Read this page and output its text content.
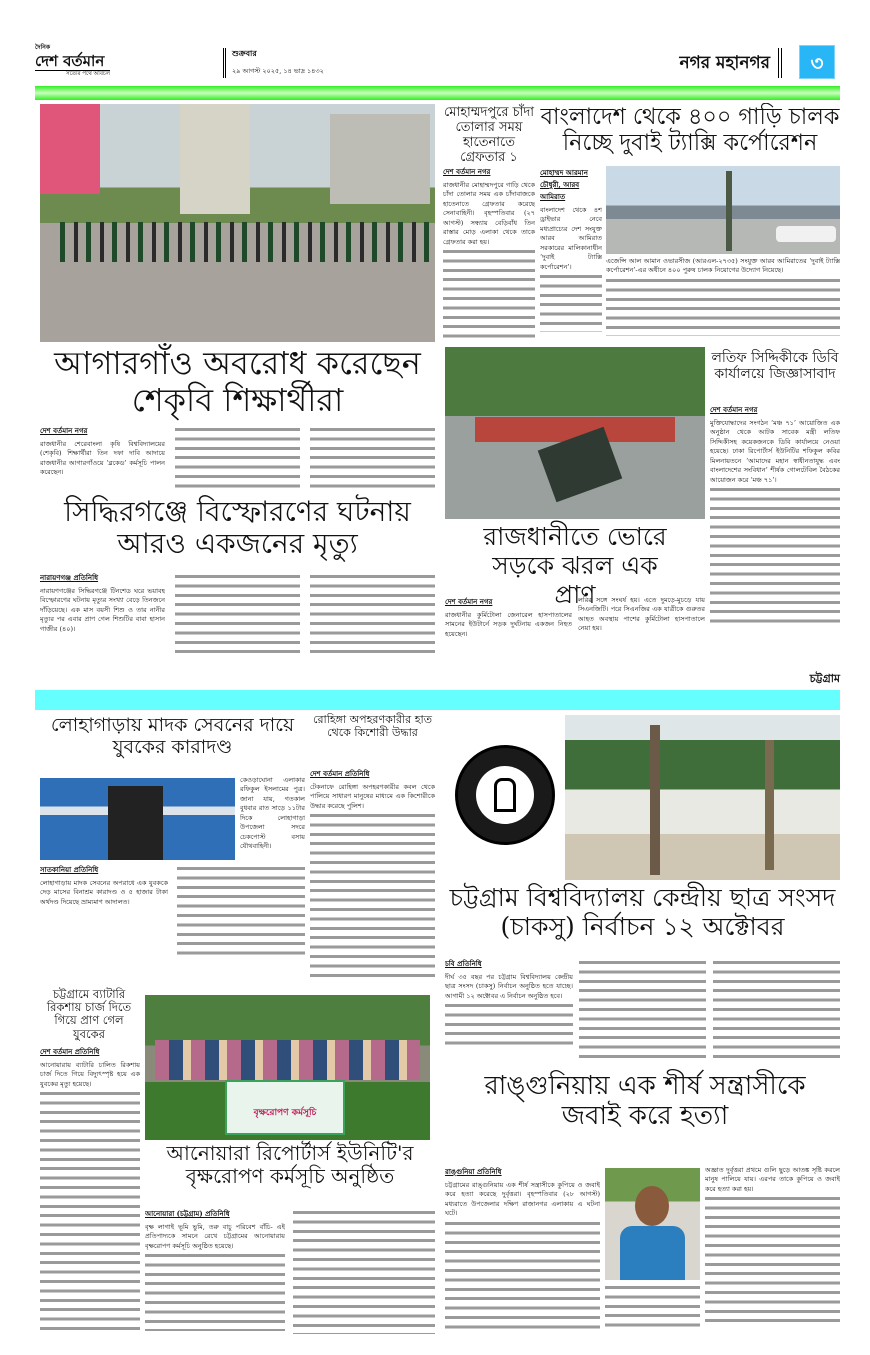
দৈনিক
দেশ বর্তমান
সত্যের পথে অবিচল
শুক্রবার
২৯ আগস্ট ২০২৫, ১৪ ভাদ্র ১৪৩২	নগর মহানগর	৩
আগারগাঁও অবরোধ করেছেন শেকৃবি শিক্ষার্থীরা
দেশ বর্তমান নগর
রাজধানীর শেরেবাংলা কৃষি বিশ্ববিদ্যালয়ের (শেকৃবি) শিক্ষার্থীরা তিন দফা দাবি আদায়ে রাজধানীর আগারগাঁওয়ে ‘ব্লকেড’ কর্মসূচি পালন করেছেন।
মোহাম্মদপুরে চাঁদা তোলার সময় হাতেনাতে গ্রেফতার ১
দেশ বর্তমান নগর
রাজধানীর মোহাম্মদপুরে গাড়ি থেকে চাঁদা তোলার সময় এক চাঁদাবাজকে হাতেনাতে গ্রেফতার করেছে সেনাবাহিনী। বৃহস্পতিবার (২৭ আগস্ট) সন্ধ্যায় বেড়িবাঁধ তিন রাস্তার মোড় এলাকা থেকে তাকে গ্রেফতার করা হয়।
বাংলাদেশ থেকে ৪০০ গাড়ি চালক নিচ্ছে দুবাই ট্যাক্সি কর্পোরেশন
মোহাম্মদ আরমান চৌধুরী, আরব আমিরাত
বাংলাদেশ থেকে ৪শ ড্রাইভার নেবে মধ্যপ্রাচ্যের দেশ সংযুক্ত আরব আমিরাত সরকারের মালিকানাধীন ‘দুবাই ট্যাক্সি কর্পোরেশন’।
এজেন্সি আল আমান ওভারসীজ (আরএল-২৭৩৫) সংযুক্ত আরব আমিরাতের ‘দুবাই ট্যাক্সি কর্পোরেশন’-এর অধীনে ৪০০ পুরুষ চালক নিয়োগের উদ্যোগ নিয়েছে।
লতিফ সিদ্দিকীকে ডিবি কার্যালয়ে জিজ্ঞাসাবাদ
দেশ বর্তমান নগর
মুক্তিযোদ্ধাদের সংগঠন ‘মঞ্চ ৭১’ আয়োজিত এক অনুষ্ঠান থেকে আটক সাবেক মন্ত্রী লতিফ সিদ্দিকীসহ কয়েকজনকে ডিবি কার্যালয়ে নেওয়া হয়েছে। ঢাকা রিপোর্টার্স ইউনিটির শফিকুল কবির মিলনায়তনে ‘আমাদের মহান স্বাধীনতাযুদ্ধ এবং বাংলাদেশের সংবিধান’ শীর্ষক গোলটেবিল বৈঠকের আয়োজন করে ‘মঞ্চ ৭১’।
সিদ্ধিরগঞ্জে বিস্ফোরণের ঘটনায় আরও একজনের মৃত্যু
নারায়ণগঞ্জ প্রতিনিধি
নারায়ণগঞ্জের সিদ্ধিরগঞ্জে টিনশেড ঘরে ভয়াবহ বিস্ফোরণের ঘটনায় মৃত্যুর সংখ্যা বেড়ে তিনজনে দাঁড়িয়েছে। এক মাস বয়সী শিশু ও তার নানীর মৃত্যুর পর এবার প্রাণ গেল শিশুটির বাবা হাসান গাজীর (৪০)।
রাজধানীতে ভোরে সড়কে ঝরল এক প্রাণ
দেশ বর্তমান নগর
রাজধানীর কুর্মিটোলা জেনারেল হাসপাতালের সামনের ইউটার্নে সড়ক দুর্ঘটনায় একজন নিহত হয়েছেন।
লরির সঙ্গে সংঘর্ষ হয়। এতে দুমড়ে-মুচড়ে যায় সিএনজিটি। পরে সিএনজির এক যাত্রীকে গুরুতর আহত অবস্থায় পাশের কুর্মিটোলা হাসপাতালে নেয়া হয়।
চট্টগ্রাম
লোহাগাড়ায় মাদক সেবনের দায়ে যুবকের কারাদণ্ড
কেওড়াঘোনা এলাকার রফিকুল ইসলামের পুত্র। জানা যায়, গতকাল বুধবার রাত সাড়ে ১১টার দিকে লোহাগাড়া উপজেলা সদরে চেকপোস্ট বসায় যৌথবাহিনী।
সাতকানিয়া প্রতিনিধি
লোহাগাড়ায় মাদক সেবনের অপরাধে এক যুবককে দেড় মাসের বিনাশ্রম কারাদণ্ড ও ৫ হাজার টাকা অর্থদণ্ড দিয়েছে ভ্রাম্যমাণ আদালত।
রোহিঙ্গা অপহরণকারীর হাত থেকে কিশোরী উদ্ধার
দেশ বর্তমান প্রতিনিধি
টেকনাফে রোহিঙ্গা অপহরণকারীর কবল থেকে পালিয়ে সাধারণ মানুষের মাধ্যমে এক কিশোরীকে উদ্ধার করেছে পুলিশ।
চট্টগ্রাম বিশ্ববিদ্যালয় কেন্দ্রীয় ছাত্র সংসদ (চাকসু) নির্বাচন ১২ অক্টোবর
চবি প্রতিনিধি
দীর্ঘ ৩৫ বছর পর চট্টগ্রাম বিশ্ববিদ্যালয় কেন্দ্রীয় ছাত্র সংসদ (চাকসু) নির্বাচন অনুষ্ঠিত হতে যাচ্ছে। আগামী ১২ অক্টোবর এ নির্বাচন অনুষ্ঠিত হবে।
চট্টগ্রামে ব্যাটারি রিকশায় চার্জ দিতে গিয়ে প্রাণ গেল যুবকের
দেশ বর্তমান প্রতিনিধি
আনোয়ারায় ব্যাটারি চালিত রিকশায় চার্জ দিতে গিয়ে বিদ্যুৎস্পৃষ্ট হয়ে এক যুবকের মৃত্যু হয়েছে।
বৃক্ষরোপণ কর্মসূচি
আনোয়ারা রিপোর্টার্স ইউনিটি'র বৃক্ষরোপণ কর্মসূচি অনুষ্ঠিত
আনোয়ারা (চট্টগ্রাম) প্রতিনিধি
বৃক্ষ লাগাই ভূমি ভুমি, তরু বাচু পরিবেশ বাঁচি- এই প্রতিপাদ্যকে সামনে রেখে চট্টগ্রামের আনোয়ারায় বৃক্ষরোপণ কর্মসূচি অনুষ্ঠিত হয়েছে।
রাঙ্গুনিয়ায় এক শীর্ষ সন্ত্রাসীকে জবাই করে হত্যা
রাঙ্গুনিয়া প্রতিনিধি
চট্টগ্রামের রাঙ্গুনিয়ায় এক শীর্ষ সন্ত্রাসীকে কুপিয়ে ও জবাই করে হত্যা করেছে দুর্বৃত্তরা। বৃহস্পতিবার (২৮ আগস্ট) মধ্যরাতে উপজেলার দক্ষিণ রাজানগর এলাকায় এ ঘটনা ঘটে।
অজ্ঞাত দুর্বৃত্তরা প্রথমে গুলি ছুড়ে আতঙ্ক সৃষ্টি করলে মানুষ পালিয়ে যায়। এরপর তাকে কুপিয়ে ও জবাই করে হত্যা করা হয়।
